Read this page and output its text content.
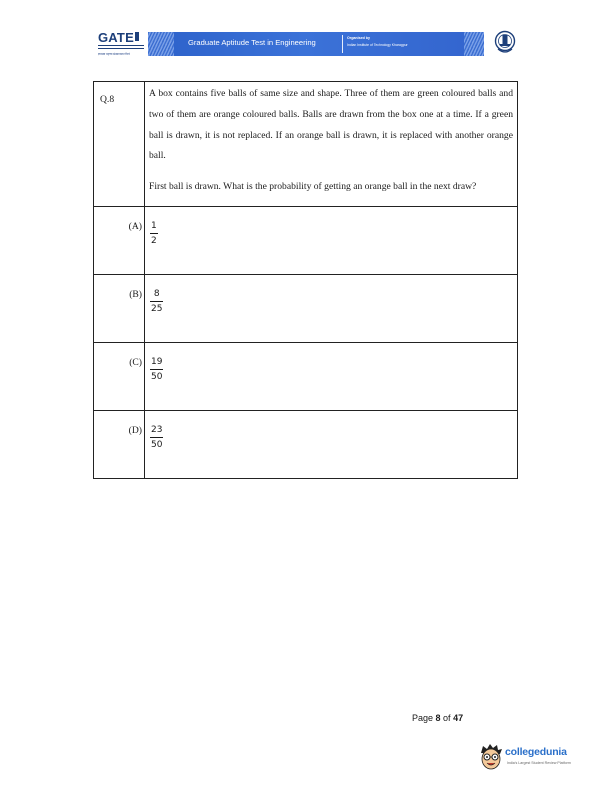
GATE
ज्ञानस्य महत्ता संस्थानस्य गौरवं
Graduate Aptitude Test in Engineering	Organised by
Indian Institute of Technology Kharagpur
Q.8	A box contains five balls of same size and shape. Three of them are green coloured balls and two of them are orange coloured balls. Balls are drawn from the box one at a time. If a green ball is drawn, it is not replaced. If an orange ball is drawn, it is replaced with another orange ball.

First ball is drawn. What is the probability of getting an orange ball in the next draw?

(A)	$\frac{1}{2}$

(B)	$\frac{8}{25}$

(C)	$\frac{19}{50}$

(D)	$\frac{23}{50}$
Page 8 of 47
collegedunia
India's Largest Student Review Platform
